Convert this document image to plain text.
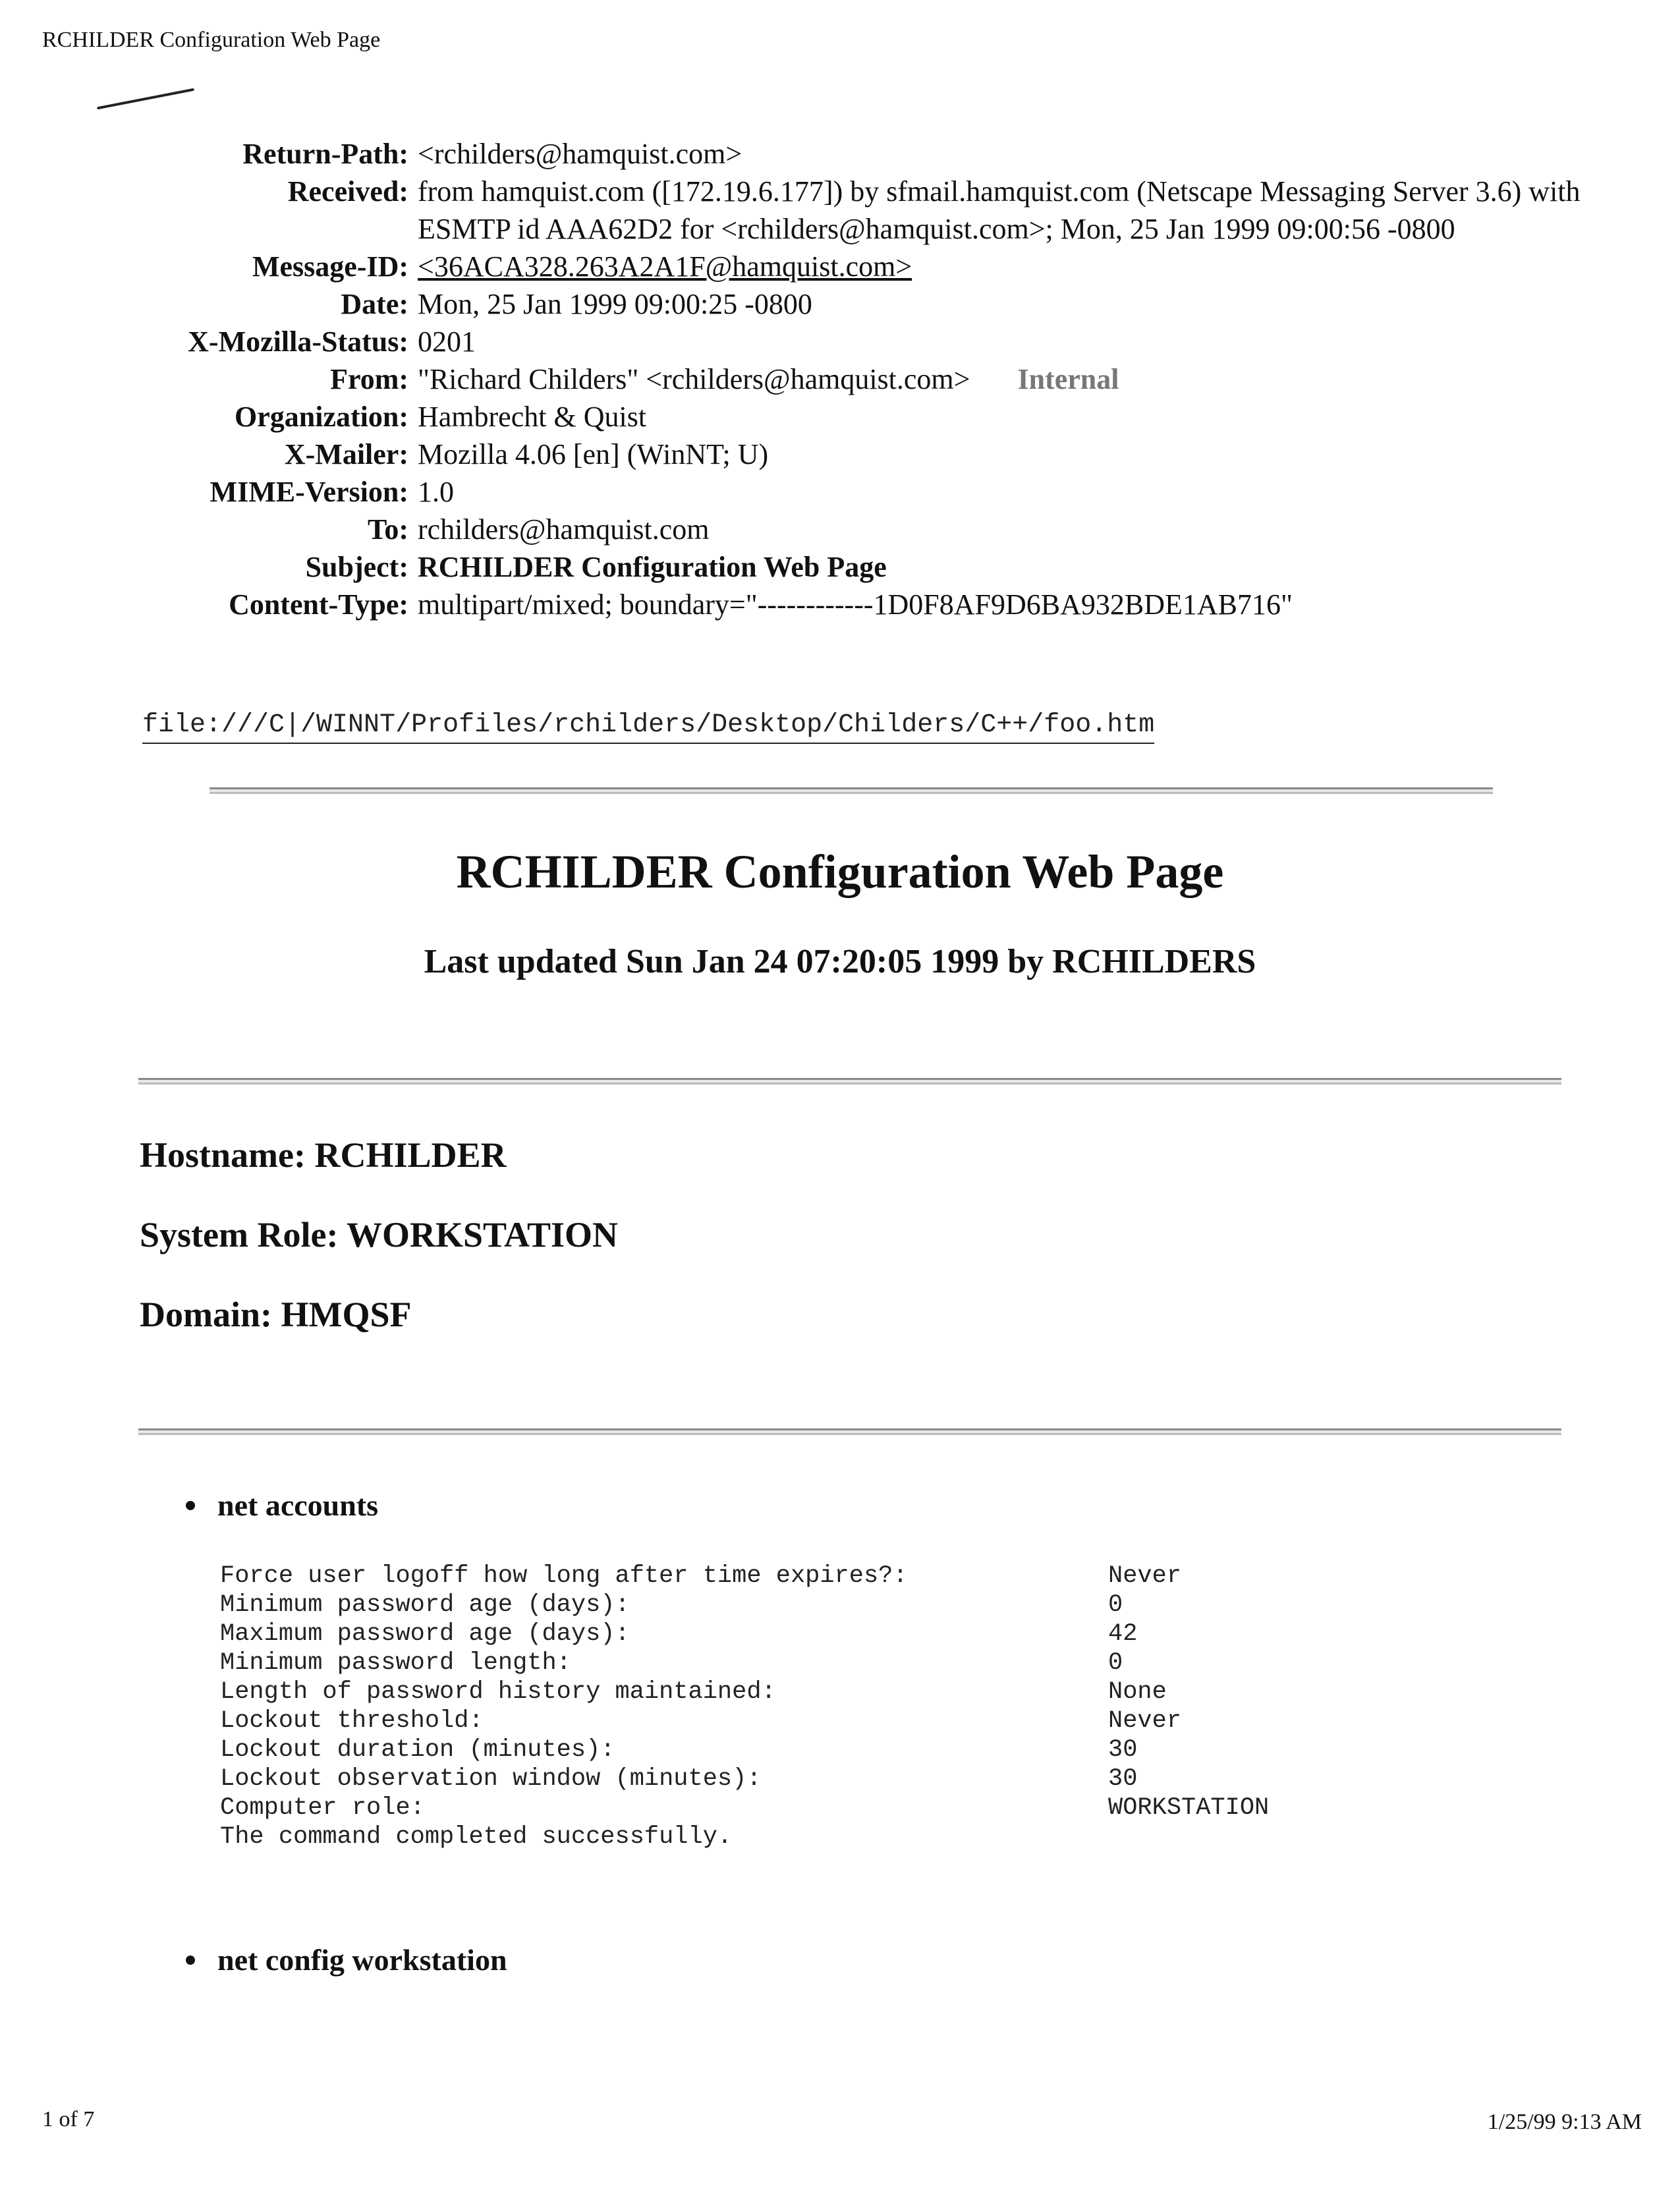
RCHILDER Configuration Web Page
Return-Path:	<rchilders@hamquist.com>
Received:	from hamquist.com ([172.19.6.177]) by sfmail.hamquist.com (Netscape Messaging Server 3.6) with ESMTP id AAA62D2 for <rchilders@hamquist.com>; Mon, 25 Jan 1999 09:00:56 -0800
Message-ID:	<36ACA328.263A2A1F@hamquist.com>
Date:	Mon, 25 Jan 1999 09:00:25 -0800
X-Mozilla-Status:	0201
From:	"Richard Childers" <rchilders@hamquist.com> Internal
Organization:	Hambrecht & Quist
X-Mailer:	Mozilla 4.06 [en] (WinNT; U)
MIME-Version:	1.0
To:	rchilders@hamquist.com
Subject:	RCHILDER Configuration Web Page
Content-Type:	multipart/mixed; boundary="------------1D0F8AF9D6BA932BDE1AB716"
file:///C|/WINNT/Profiles/rchilders/Desktop/Childers/C++/foo.htm
RCHILDER Configuration Web Page
Last updated Sun Jan 24 07:20:05 1999 by RCHILDERS
Hostname: RCHILDER
System Role: WORKSTATION
Domain: HMQSF
net accounts
Force user logoff how long after time expires?:	Never
Minimum password age (days):	0
Maximum password age (days):	42
Minimum password length:	0
Length of password history maintained:	None
Lockout threshold:	Never
Lockout duration (minutes):	30
Lockout observation window (minutes):	30
Computer role:	WORKSTATION
The command completed successfully.	
net config workstation
1 of 7	1/25/99 9:13 AM
